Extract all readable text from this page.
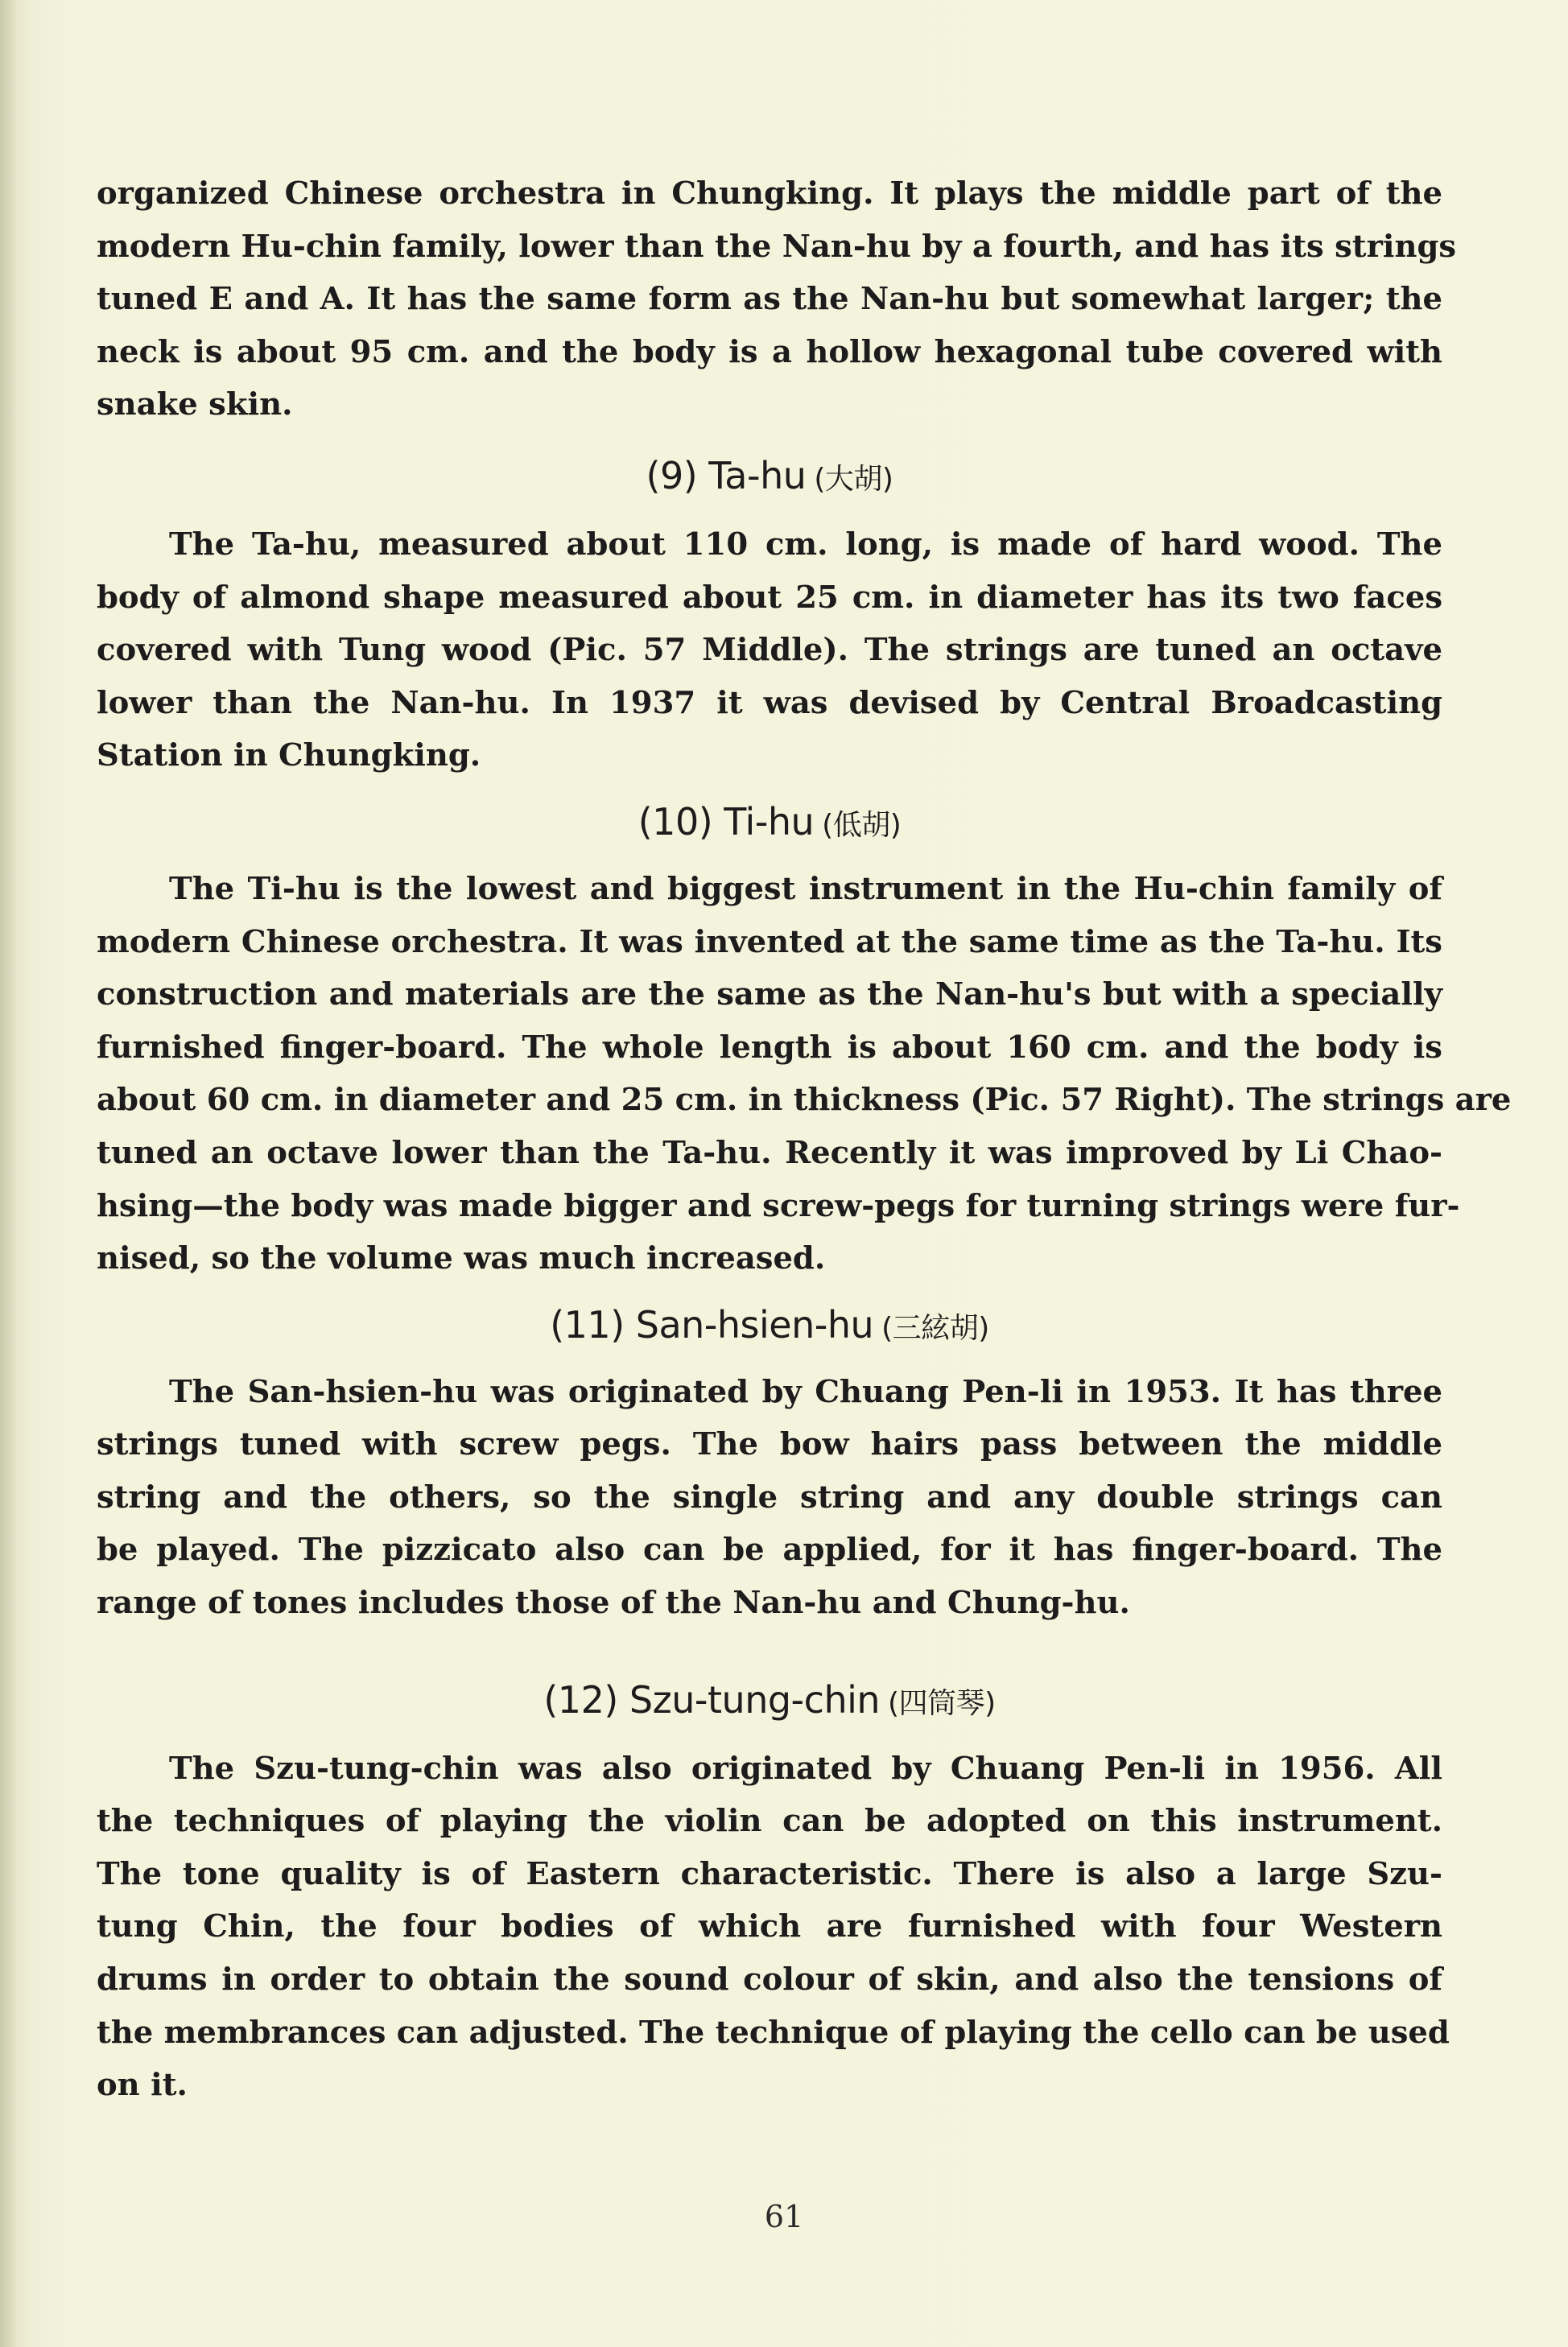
organized Chinese orchestra in Chungking. It plays the middle part of the
modern Hu-chin family, lower than the Nan-hu by a fourth, and has its strings
tuned E and A. It has the same form as the Nan-hu but somewhat larger; the
neck is about 95 cm. and the body is a hollow hexagonal tube covered with
snake skin.

(9) Ta-hu (大胡)

The Ta-hu, measured about 110 cm. long, is made of hard wood. The
body of almond shape measured about 25 cm. in diameter has its two faces
covered with Tung wood (Pic. 57 Middle). The strings are tuned an octave
lower than the Nan-hu. In 1937 it was devised by Central Broadcasting
Station in Chungking.

(10) Ti-hu (低胡)

The Ti-hu is the lowest and biggest instrument in the Hu-chin family of
modern Chinese orchestra. It was invented at the same time as the Ta-hu. Its
construction and materials are the same as the Nan-hu's but with a specially
furnished finger-board. The whole length is about 160 cm. and the body is
about 60 cm. in diameter and 25 cm. in thickness (Pic. 57 Right). The strings are
tuned an octave lower than the Ta-hu. Recently it was improved by Li Chao-
hsing—the body was made bigger and screw-pegs for turning strings were fur-
nised, so the volume was much increased.

(11) San-hsien-hu (三絃胡)

The San-hsien-hu was originated by Chuang Pen-li in 1953. It has three
strings tuned with screw pegs. The bow hairs pass between the middle
string and the others, so the single string and any double strings can
be played. The pizzicato also can be applied, for it has finger-board. The
range of tones includes those of the Nan-hu and Chung-hu.

(12) Szu-tung-chin (四筒琴)

The Szu-tung-chin was also originated by Chuang Pen-li in 1956. All
the techniques of playing the violin can be adopted on this instrument.
The tone quality is of Eastern characteristic. There is also a large Szu-
tung Chin, the four bodies of which are furnished with four Western
drums in order to obtain the sound colour of skin, and also the tensions of
the membrances can adjusted. The technique of playing the cello can be used
on it.

61
